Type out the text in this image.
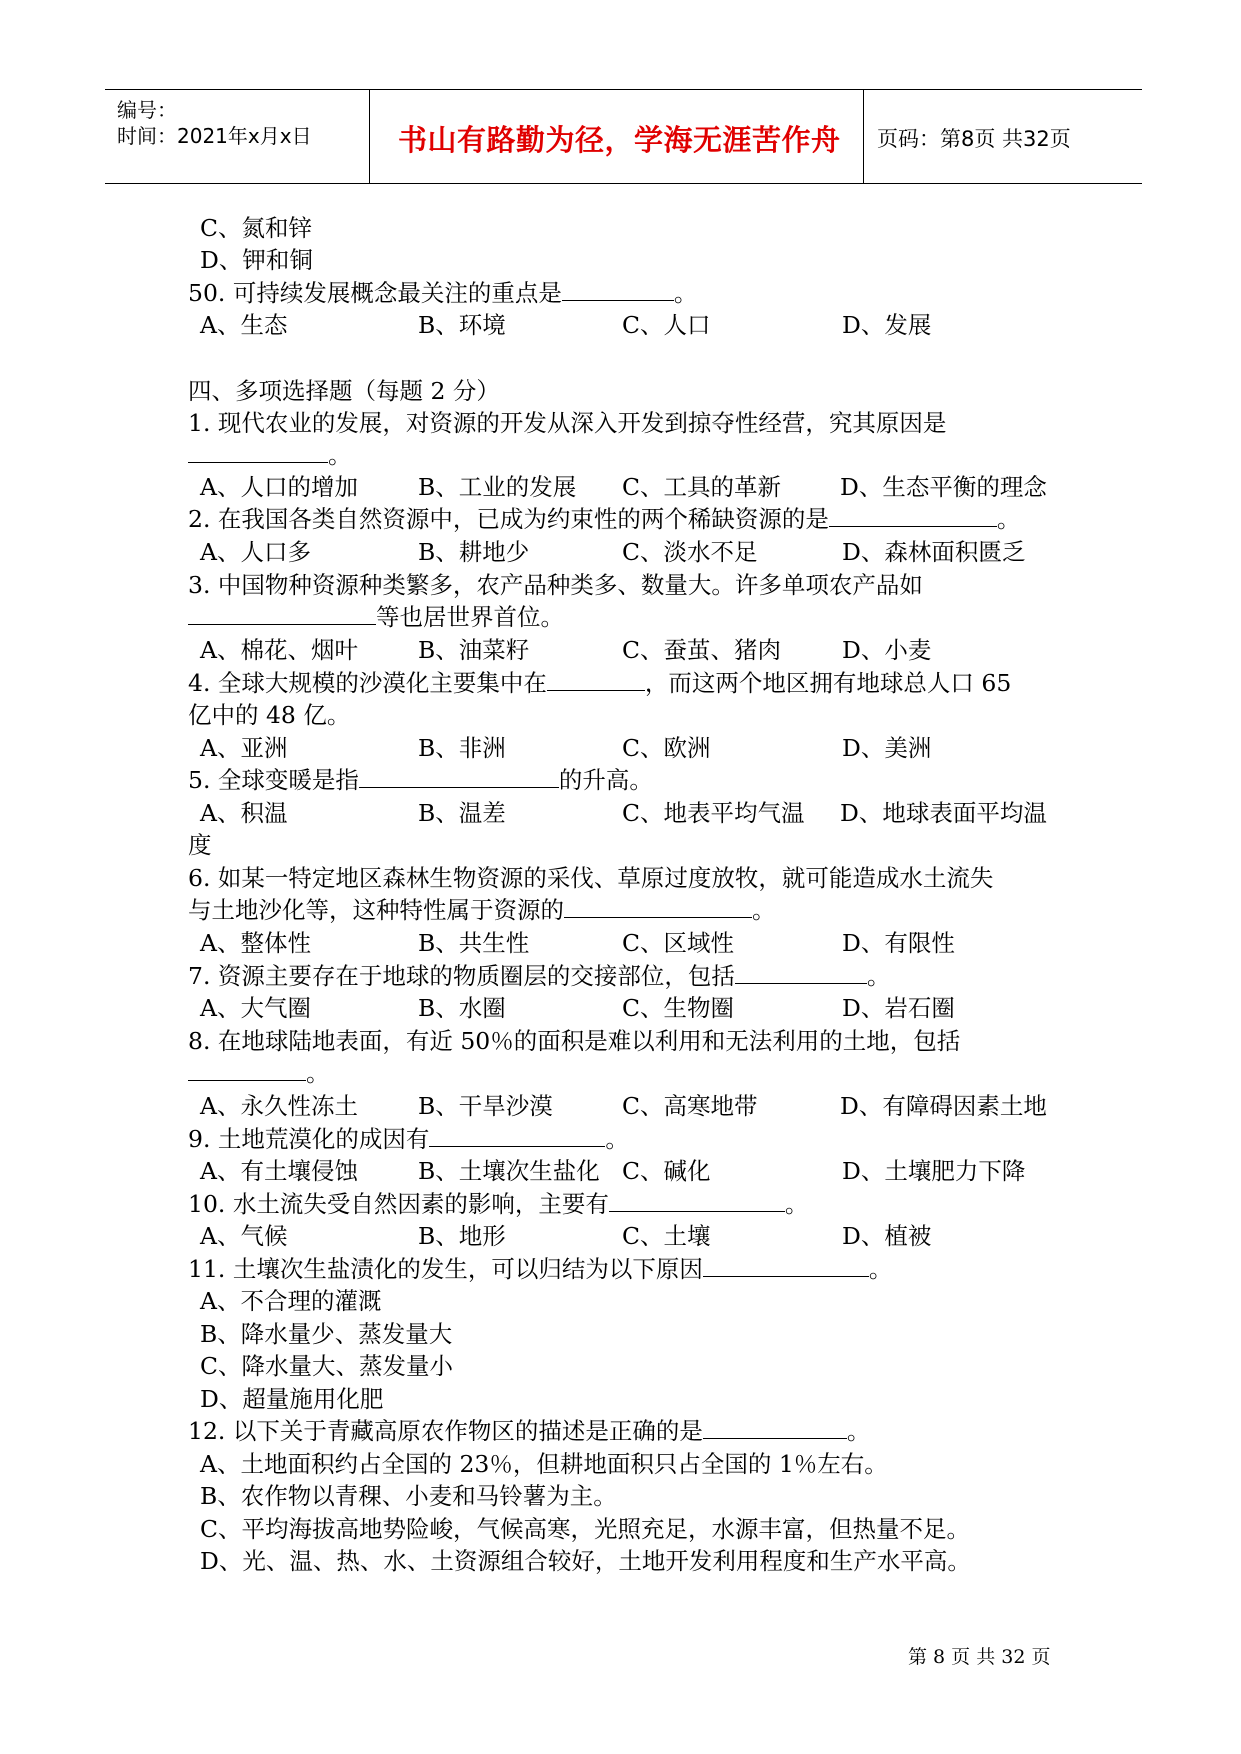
编号：
时间：2021年x月x日	书山有路勤为径，学海无涯苦作舟 页码：第8页 共32页
C、氮和锌
D、钾和铜
50. 可持续发展概念最关注的重点是	。
A、生态	B、环境	C、人口	D、发展
四、多项选择题（每题 2 分）
1. 现代农业的发展，对资源的开发从深入开发到掠夺性经营，究其原因是
。
A、人口的增加	B、工业的发展 C、工具的革新	D、生态平衡的理念
2. 在我国各类自然资源中，已成为约束性的两个稀缺资源的是	。
A、人口多	B、耕地少	C、淡水不足	D、森林面积匮乏
3. 中国物种资源种类繁多，农产品种类多、数量大。许多单项农产品如
等也居世界首位。
A、棉花、烟叶	B、油菜籽	C、蚕茧、猪肉	D、小麦
4. 全球大规模的沙漠化主要集中在	，而这两个地区拥有地球总人口 65
亿中的 48 亿。
A、亚洲	B、非洲	C、欧洲	D、美洲
5. 全球变暖是指	的升高。
A、积温	B、温差	C、地表平均气温 D、地球表面平均温
度
6. 如某一特定地区森林生物资源的采伐、草原过度放牧，就可能造成水土流失
与土地沙化等，这种特性属于资源的	。
A、整体性	B、共生性	C、区域性	D、有限性
7. 资源主要存在于地球的物质圈层的交接部位，包括	。
A、大气圈	B、水圈	C、生物圈	D、岩石圈
8. 在地球陆地表面，有近 50％的面积是难以利用和无法利用的土地，包括
。
A、永久性冻土	B、干旱沙漠	C、高寒地带	D、有障碍因素土地
9. 土地荒漠化的成因有	。
A、有土壤侵蚀	B、土壤次生盐化 C、碱化	D、土壤肥力下降
10. 水土流失受自然因素的影响，主要有	。
A、气候	B、地形	C、土壤	D、植被
11. 土壤次生盐渍化的发生，可以归结为以下原因	。
A、不合理的灌溉
B、降水量少、蒸发量大
C、降水量大、蒸发量小
D、超量施用化肥
12. 以下关于青藏高原农作物区的描述是正确的是	。
A、土地面积约占全国的 23％，但耕地面积只占全国的 1％左右。
B、农作物以青稞、小麦和马铃薯为主。
C、平均海拔高地势险峻，气候高寒，光照充足，水源丰富，但热量不足。
D、光、温、热、水、土资源组合较好，土地开发利用程度和生产水平高。
第 8 页 共 32 页
